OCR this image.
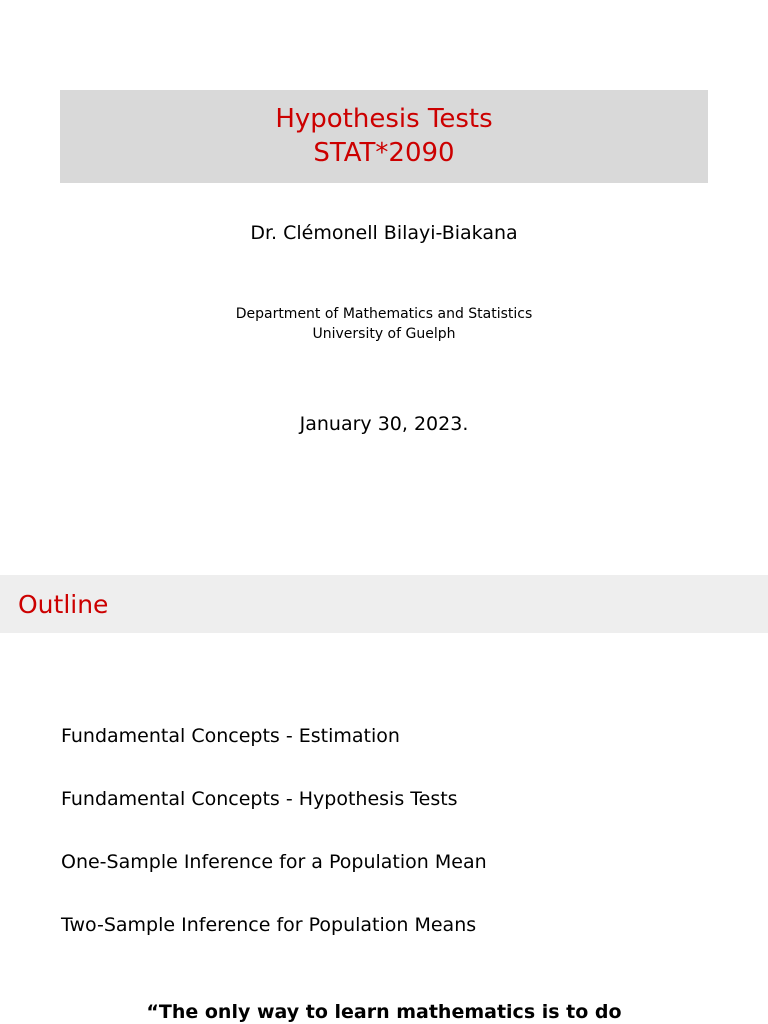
Hypothesis Tests
STAT*2090
Dr. Clémonell Bilayi-Biakana
Department of Mathematics and Statistics
University of Guelph
January 30, 2023.
Outline
Fundamental Concepts - Estimation
Fundamental Concepts - Hypothesis Tests
One-Sample Inference for a Population Mean
Two-Sample Inference for Population Means
“The only way to learn mathematics is to do
